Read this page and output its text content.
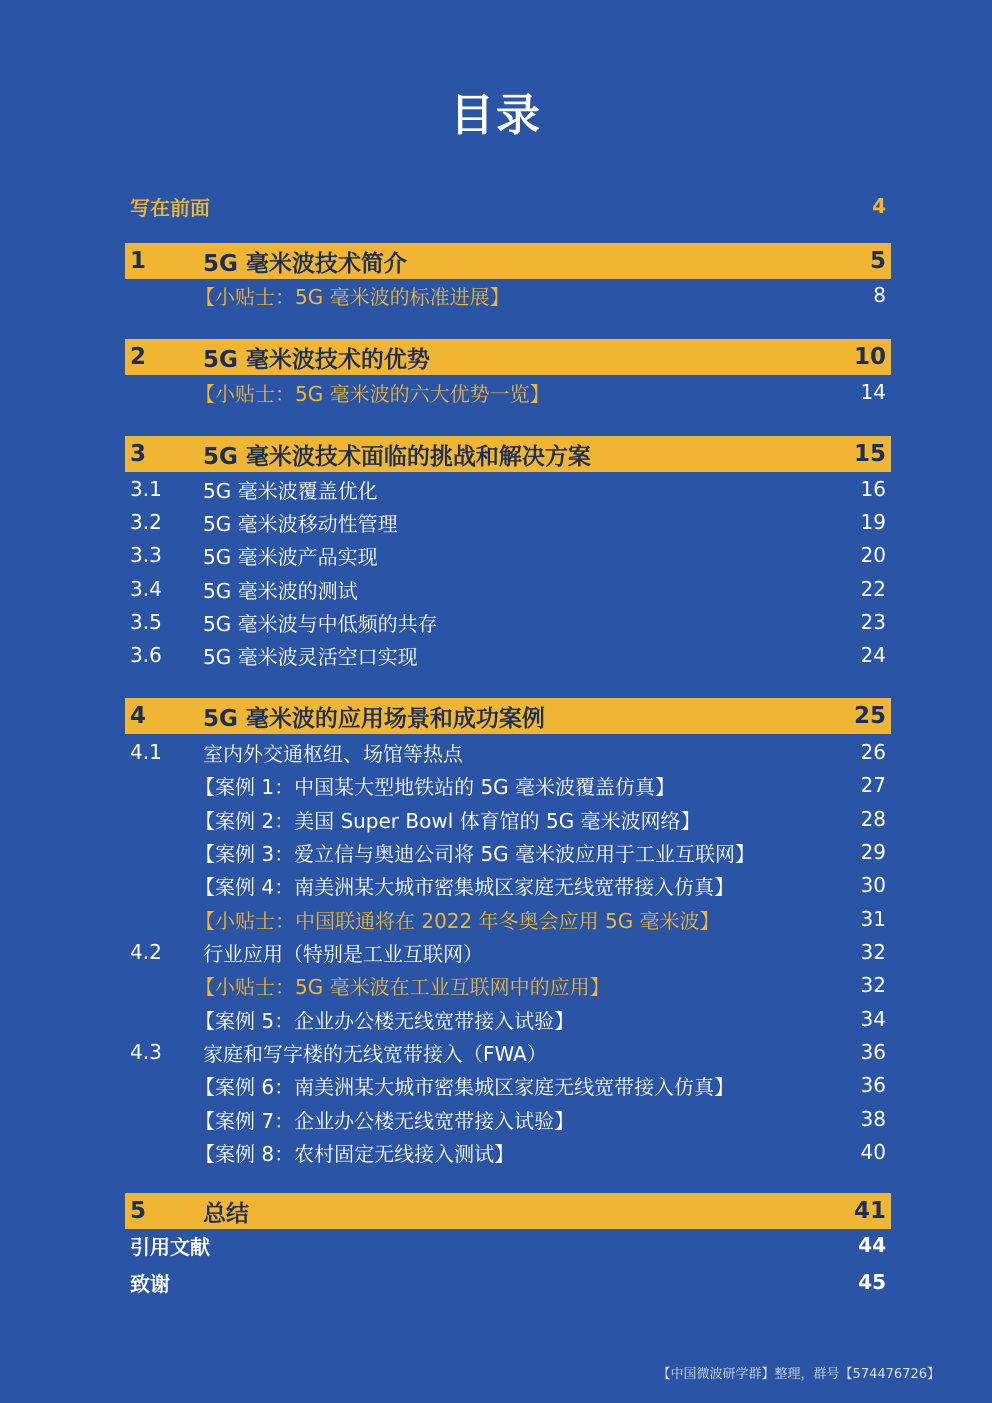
目录
写在前面	4
1 5G 毫米波技术简介	5
【小贴士：5G 毫米波的标准进展】	8
2 5G 毫米波技术的优势	10
【小贴士：5G 毫米波的六大优势一览】	14
3 5G 毫米波技术面临的挑战和解决方案	15
3.1 5G 毫米波覆盖优化	16
3.2 5G 毫米波移动性管理	19
3.3 5G 毫米波产品实现	20
3.4 5G 毫米波的测试	22
3.5 5G 毫米波与中低频的共存	23
3.6 5G 毫米波灵活空口实现	24
4 5G 毫米波的应用场景和成功案例	25
4.1 室内外交通枢纽、场馆等热点	26
【案例 1：中国某大型地铁站的 5G 毫米波覆盖仿真】	27
【案例 2：美国 Super Bowl 体育馆的 5G 毫米波网络】	28
【案例 3：爱立信与奥迪公司将 5G 毫米波应用于工业互联网】	29
【案例 4：南美洲某大城市密集城区家庭无线宽带接入仿真】	30
【小贴士：中国联通将在 2022 年冬奥会应用 5G 毫米波】	31
4.2 行业应用（特别是工业互联网）	32
【小贴士：5G 毫米波在工业互联网中的应用】	32
【案例 5：企业办公楼无线宽带接入试验】	34
4.3 家庭和写字楼的无线宽带接入（FWA）	36
【案例 6：南美洲某大城市密集城区家庭无线宽带接入仿真】	36
【案例 7：企业办公楼无线宽带接入试验】	38
【案例 8：农村固定无线接入测试】	40
5 总结	41
引用文献	44
致谢	45
【中国微波研学群】整理，群号【574476726】
